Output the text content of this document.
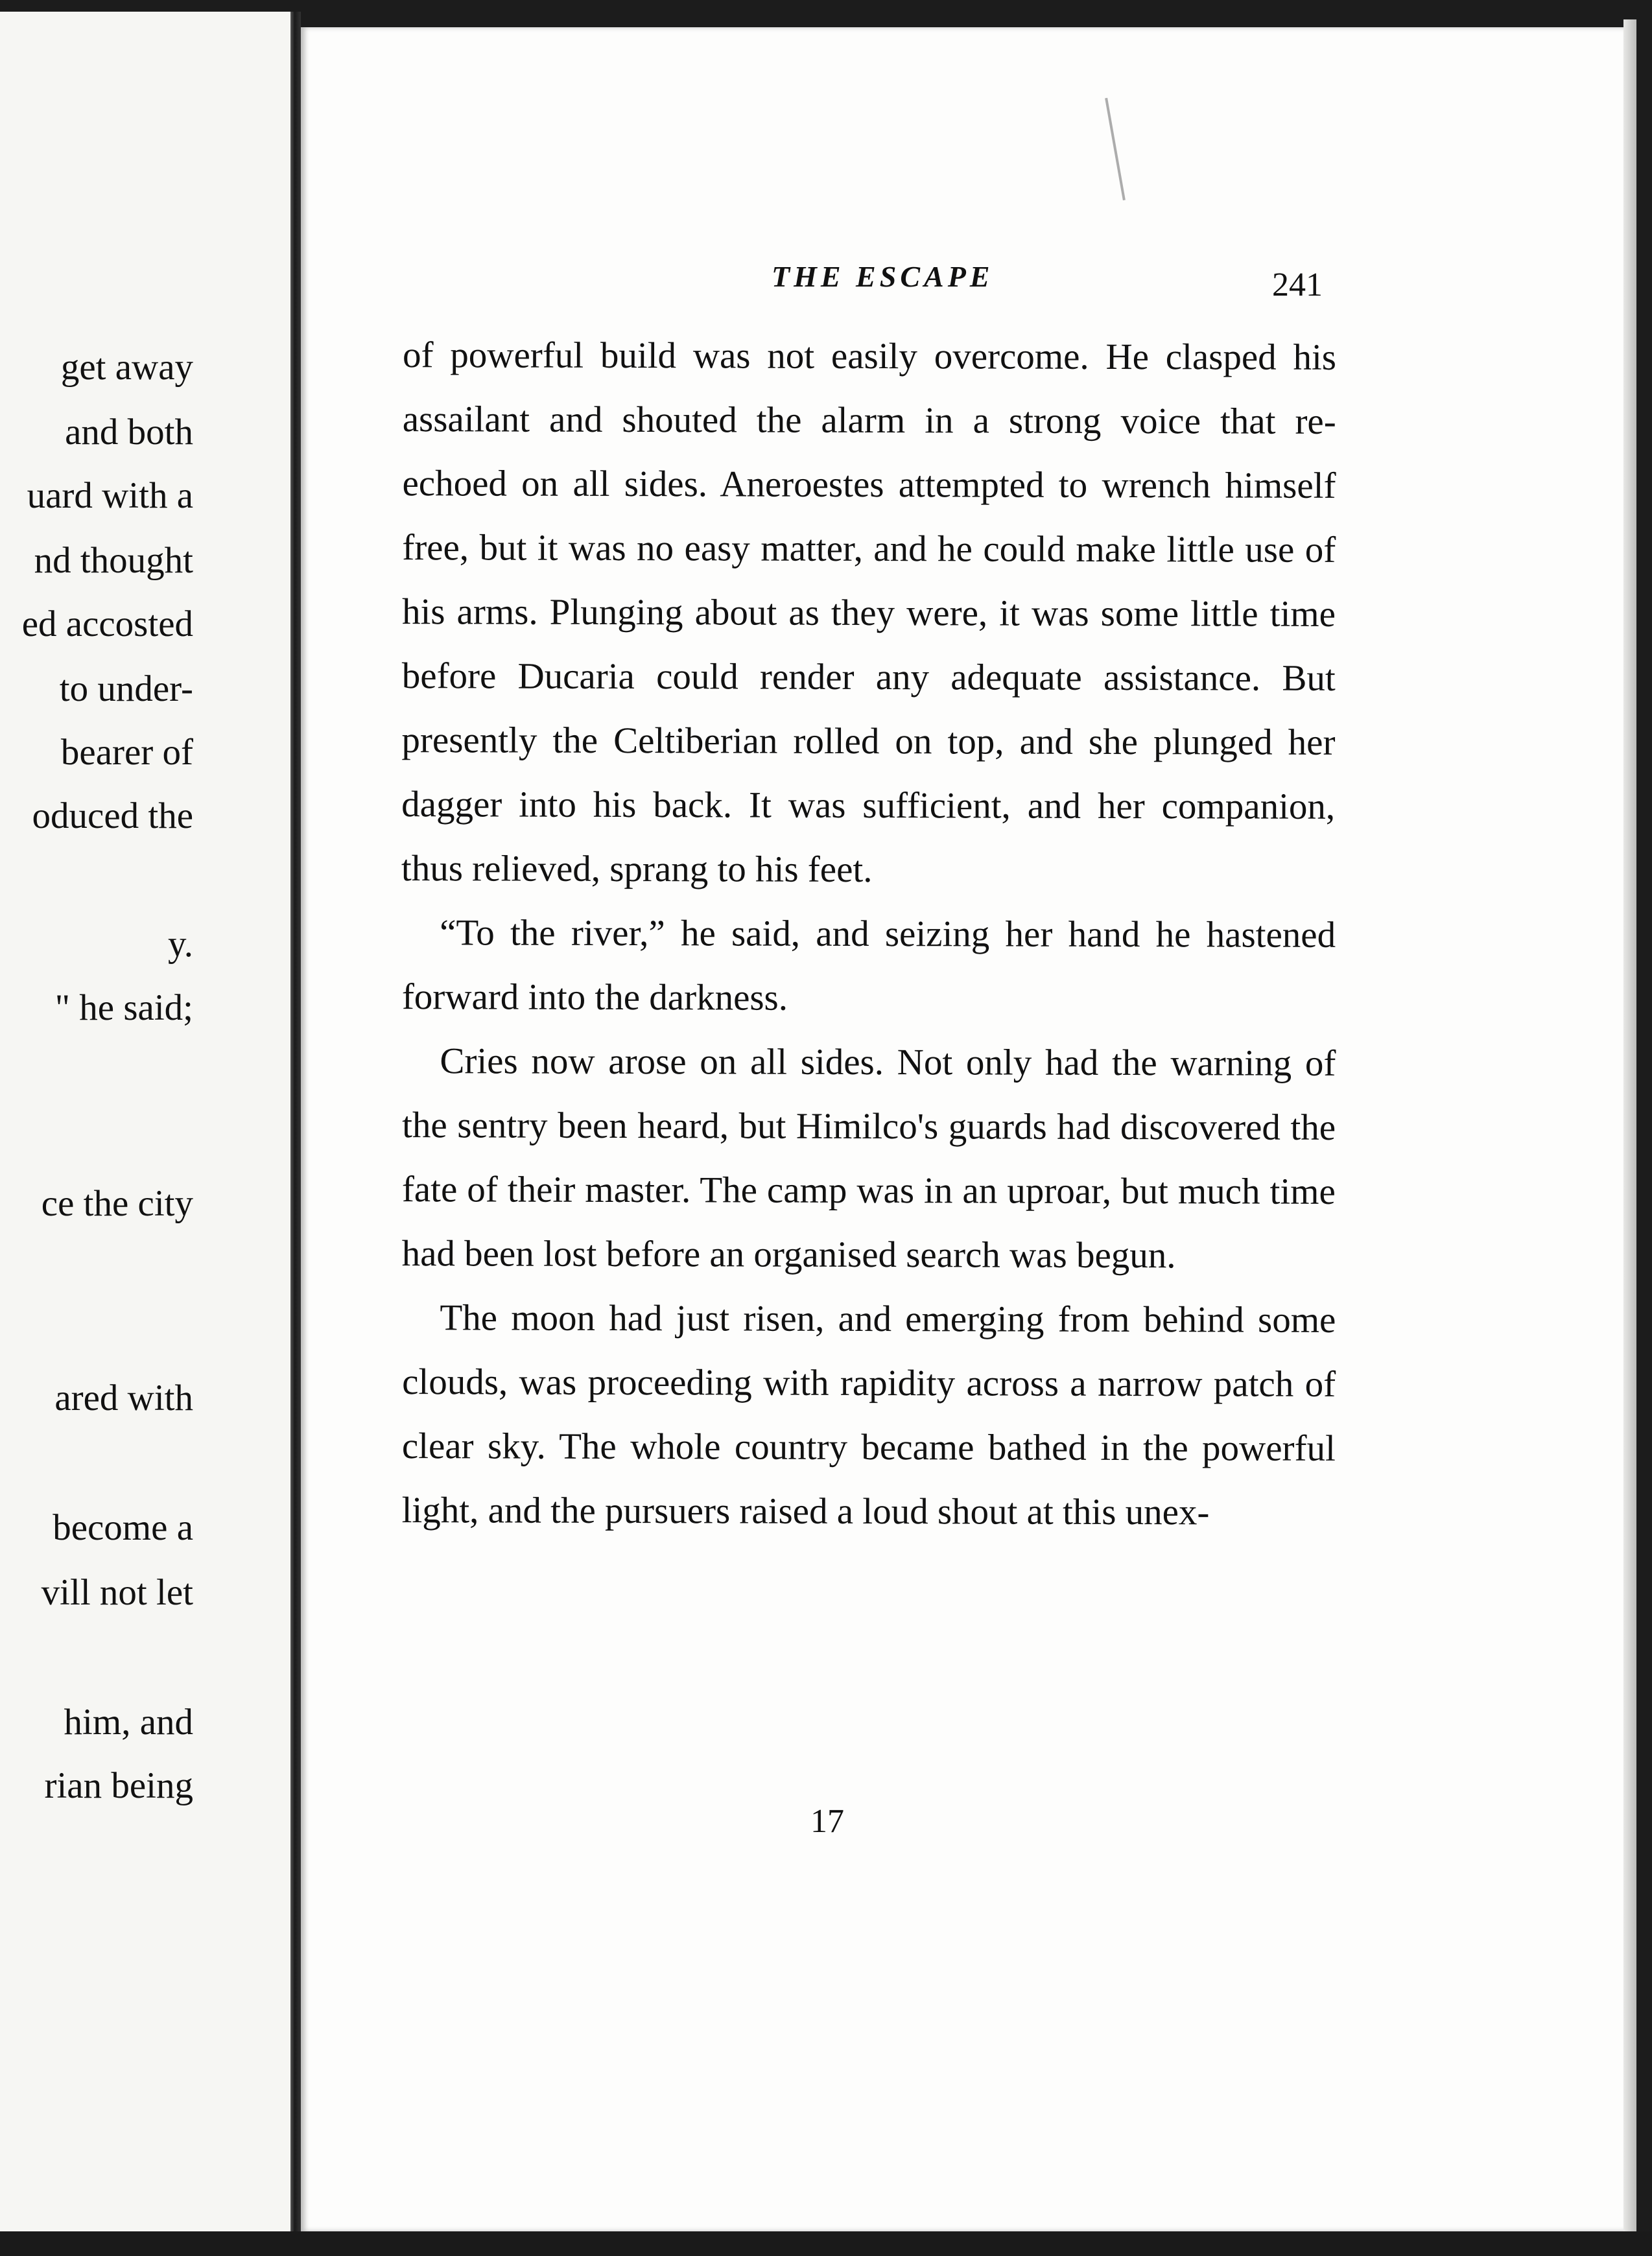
get away

and both

uard with a

nd thought

ed accosted

to under-

bearer of

oduced the

y.

" he said;

ce the city

ared with

become a

vill not let

him, and

rian being

THE ESCAPE	241

of powerful build was not easily overcome. He clasped his assailant and shouted the alarm in a strong voice that re-echoed on all sides. Aneroestes attempted to wrench himself free, but it was no easy matter, and he could make little use of his arms. Plunging about as they were, it was some little time before Ducaria could render any adequate assistance. But presently the Celtiberian rolled on top, and she plunged her dagger into his back. It was sufficient, and her companion, thus relieved, sprang to his feet.

“To the river,” he said, and seizing her hand he hastened forward into the darkness.

Cries now arose on all sides. Not only had the warning of the sentry been heard, but Himilco's guards had discovered the fate of their master. The camp was in an uproar, but much time had been lost before an organised search was begun.

The moon had just risen, and emerging from behind some clouds, was proceeding with rapidity across a narrow patch of clear sky. The whole country became bathed in the powerful light, and the pursuers raised a loud shout at this unex-

17
